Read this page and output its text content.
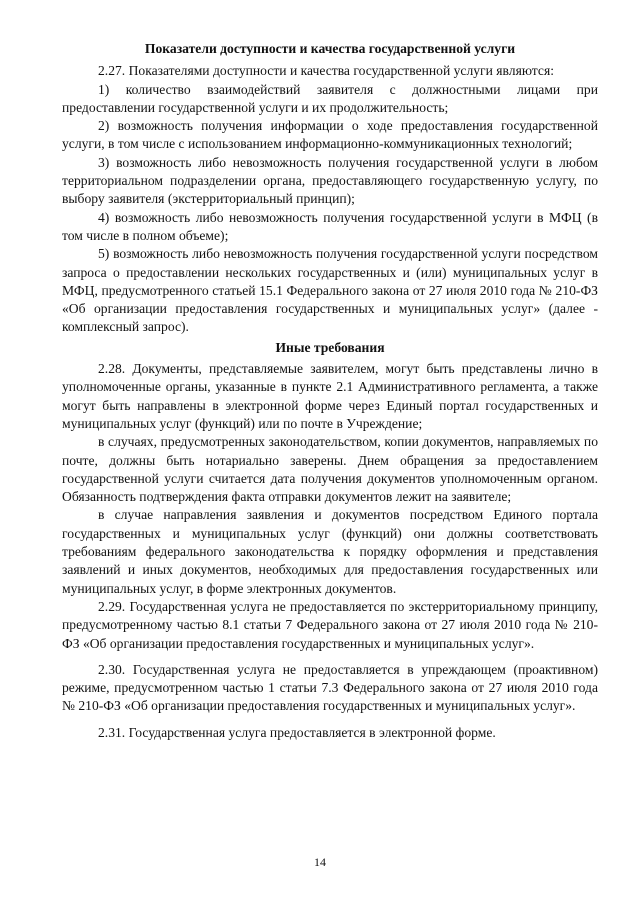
Показатели доступности и качества государственной услуги

2.27. Показателями доступности и качества государственной услуги являются:

1) количество взаимодействий заявителя с должностными лицами при предоставлении государственной услуги и их продолжительность;

2) возможность получения информации о ходе предоставления государственной услуги, в том числе с использованием информационно-коммуникационных технологий;

3) возможность либо невозможность получения государственной услуги в любом территориальном подразделении органа, предоставляющего государственную услугу, по выбору заявителя (экстерриториальный принцип);

4) возможность либо невозможность получения государственной услуги в МФЦ (в том числе в полном объеме);

5) возможность либо невозможность получения государственной услуги посредством запроса о предоставлении нескольких государственных и (или) муниципальных услуг в МФЦ, предусмотренного статьей 15.1 Федерального закона от 27 июля 2010 года № 210-ФЗ «Об организации предоставления государственных и муниципальных услуг» (далее - комплексный запрос).

Иные требования

2.28. Документы, представляемые заявителем, могут быть представлены лично в уполномоченные органы, указанные в пункте 2.1 Административного регламента, а также могут быть направлены в электронной форме через Единый портал государственных и муниципальных услуг (функций) или по почте в Учреждение;

в случаях, предусмотренных законодательством, копии документов, направляемых по почте, должны быть нотариально заверены. Днем обращения за предоставлением государственной услуги считается дата получения документов уполномоченным органом. Обязанность подтверждения факта отправки документов лежит на заявителе;

в случае направления заявления и документов посредством Единого портала государственных и муниципальных услуг (функций) они должны соответствовать требованиям федерального законодательства к порядку оформления и представления заявлений и иных документов, необходимых для предоставления государственных или муниципальных услуг, в форме электронных документов.

2.29. Государственная услуга не предоставляется по экстерриториальному принципу, предусмотренному частью 8.1 статьи 7 Федерального закона от 27 июля 2010 года № 210-ФЗ «Об организации предоставления государственных и муниципальных услуг».

2.30. Государственная услуга не предоставляется в упреждающем (проактивном) режиме, предусмотренном частью 1 статьи 7.3 Федерального закона от 27 июля 2010 года № 210-ФЗ «Об организации предоставления государственных и муниципальных услуг».

2.31. Государственная услуга предоставляется в электронной форме.

14
